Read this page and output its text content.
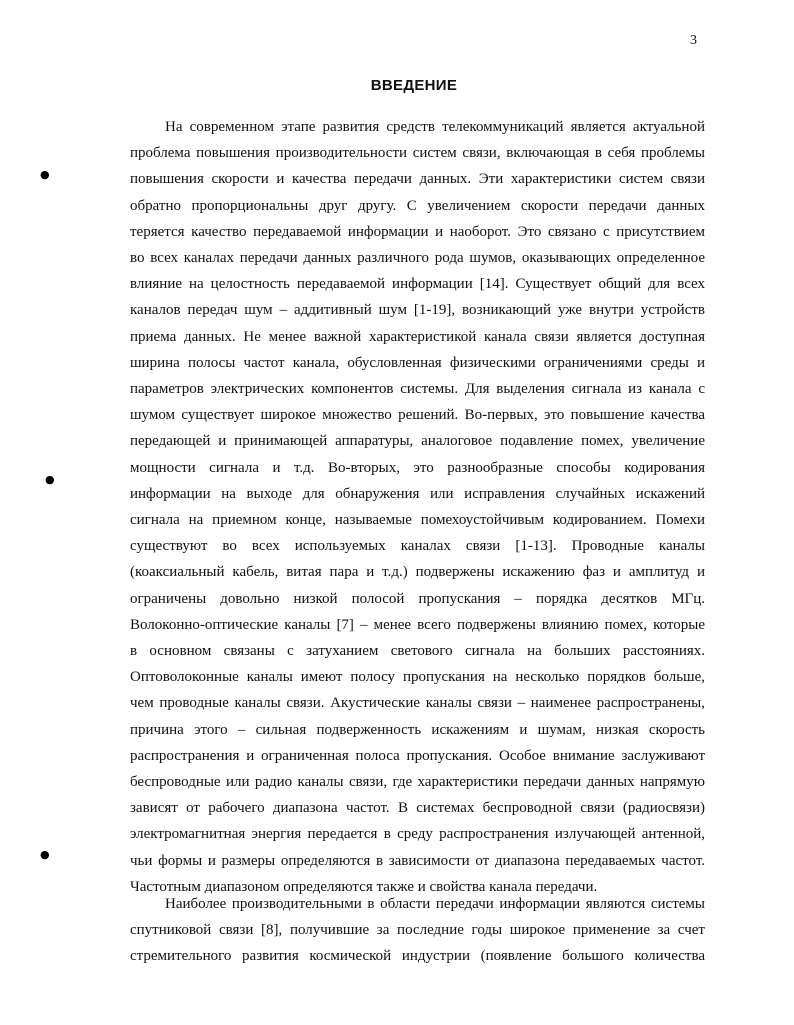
3
ВВЕДЕНИЕ
●
●
●
На современном этапе развития средств телекоммуникаций является актуальной
проблема повышения производительности систем связи, включающая в себя проблемы
повышения скорости и качества передачи данных. Эти характеристики систем связи
обратно пропорциональны друг другу. С увеличением скорости передачи данных
теряется качество передаваемой информации и наоборот. Это связано с присутствием
во всех каналах передачи данных различного рода шумов, оказывающих определенное
влияние на целостность передаваемой информации [14]. Существует общий для всех
каналов передач шум – аддитивный шум [1-19], возникающий уже внутри устройств
приема данных. Не менее важной характеристикой канала связи является доступная
ширина полосы частот канала, обусловленная физическими ограничениями среды и
параметров электрических компонентов системы. Для выделения сигнала из канала с
шумом существует широкое множество решений. Во-первых, это повышение качества
передающей и принимающей аппаратуры, аналоговое подавление помех, увеличение
мощности сигнала и т.д. Во-вторых, это разнообразные способы кодирования
информации на выходе для обнаружения или исправления случайных искажений
сигнала на приемном конце, называемые помехоустойчивым кодированием. Помехи
существуют во всех используемых каналах связи [1-13]. Проводные каналы
(коаксиальный кабель, витая пара и т.д.) подвержены искажению фаз и амплитуд и
ограничены довольно низкой полосой пропускания – порядка десятков МГц.
Волоконно-оптические каналы [7] – менее всего подвержены влиянию помех, которые
в основном связаны с затуханием светового сигнала на больших расстояниях.
Оптоволоконные каналы имеют полосу пропускания на несколько порядков больше,
чем проводные каналы связи. Акустические каналы связи – наименее распространены,
причина этого – сильная подверженность искажениям и шумам, низкая скорость
распространения и ограниченная полоса пропускания. Особое внимание заслуживают
беспроводные или радио каналы связи, где характеристики передачи данных напрямую
зависят от рабочего диапазона частот. В системах беспроводной связи (радиосвязи)
электромагнитная энергия передается в среду распространения излучающей антенной,
чьи формы и размеры определяются в зависимости от диапазона передаваемых частот.
Частотным диапазоном определяются также и свойства канала передачи.
Наиболее производительными в области передачи информации являются системы
спутниковой связи [8], получившие за последние годы широкое применение за счет
стремительного развития космической индустрии (появление большого количества
